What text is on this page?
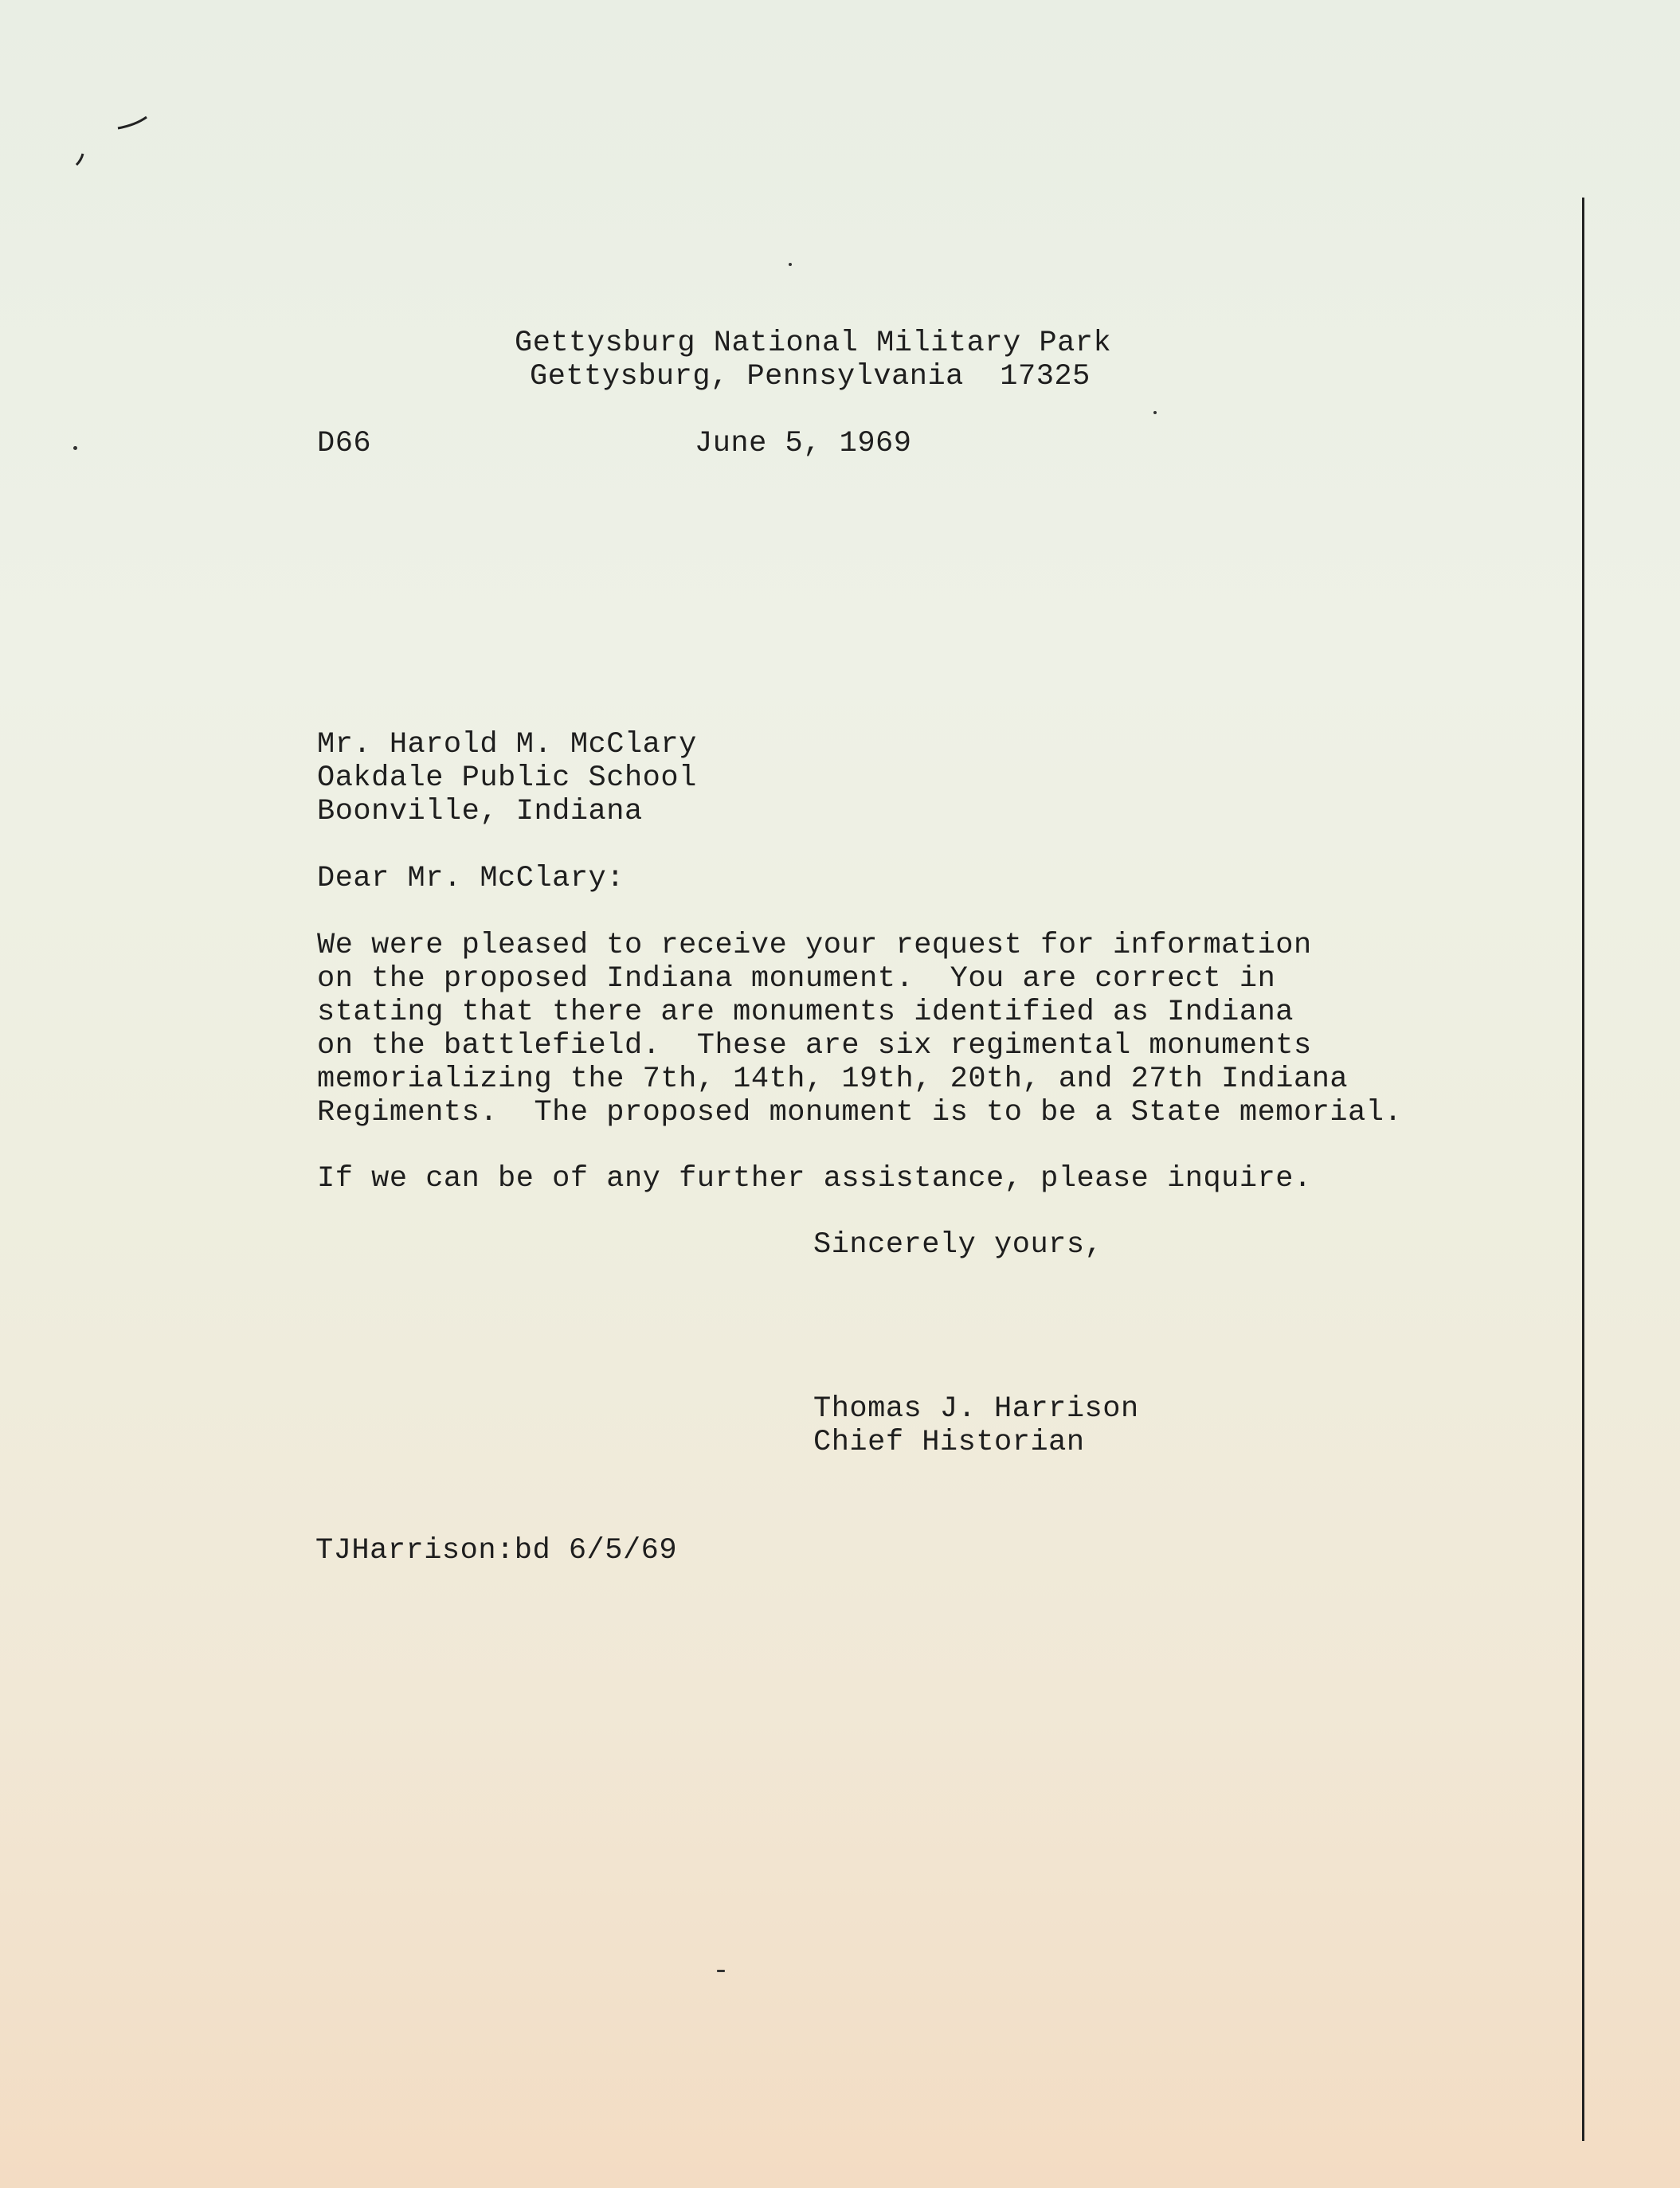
Gettysburg National Military Park
Gettysburg, Pennsylvania  17325
D66	June 5, 1969
Mr. Harold M. McClary
Oakdale Public School
Boonville, Indiana
Dear Mr. McClary:
We were pleased to receive your request for information
on the proposed Indiana monument.  You are correct in
stating that there are monuments identified as Indiana
on the battlefield.  These are six regimental monuments
memorializing the 7th, 14th, 19th, 20th, and 27th Indiana
Regiments.  The proposed monument is to be a State memorial.
If we can be of any further assistance, please inquire.
Sincerely yours,
Thomas J. Harrison
Chief Historian
TJHarrison:bd 6/5/69
